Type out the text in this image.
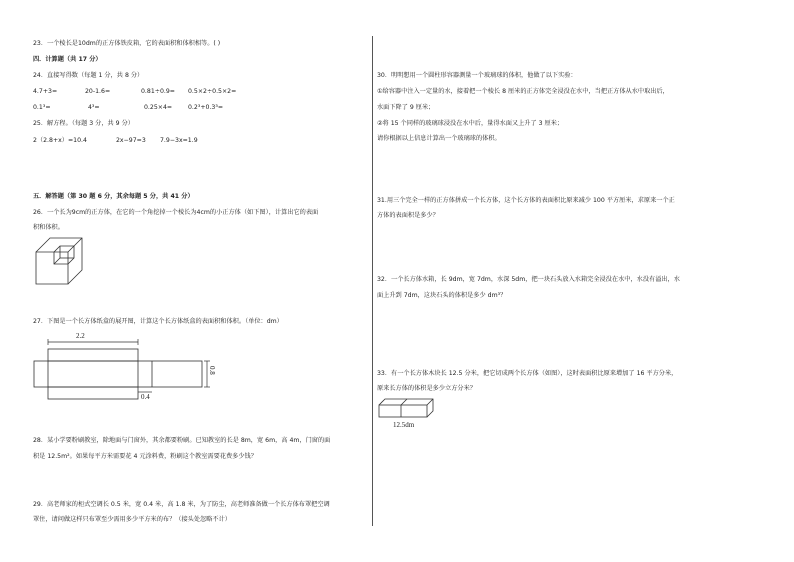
23．一个棱长是10dm的正方体铁皮箱，它的表面积和体积相等。( )
四．计算题（共 17 分）
24．直接写得数（每题 1 分，共 8 分）
4.7+3=	20-1.6=	0.81÷0.9= 0.5×2÷0.5×2=
0.1³=	4³=	0.25×4=	0.2³+0.3³=
25．解方程。（每题 3 分，共 9 分）
2（2.8+x）=10.4	2x−97=3 7.9−3x=1.9
五．解答题（第 30 题 6 分，其余每题 5 分，共 41 分）
26．一个长为9cm的正方体，在它的一个角挖掉一个棱长为4cm的小正方体（如下图），计算出它的表面
积和体积。
27．下图是一个长方体纸盒的展开图，计算这个长方体纸盒的表面积和体积。（单位：dm）
2.2
0.8
0.4
28．某小学要粉刷教室，除地面与门窗外，其余都要粉刷。已知教室的长是 8m，宽 6m，高 4m，门窗的面
积是 12.5m²。如果每平方米需要花 4 元涂料费，粉刷这个教室需要花费多少钱？
29．高老师家的柜式空调长 0.5 米，宽 0.4 米，高 1.8 米，为了防尘，高老师准备做一个长方体布罩把空调
罩住，请问做这样只布罩至少需用多少平方米的布？（接头处忽略不计）
30．明明想用一个圆柱形容器测量一个玻璃球的体积，他做了以下实验：
①给容器中注入一定量的水，接着把一个棱长 8 厘米的正方体完全浸没在水中，当把正方体从水中取出后，
水面下降了 9 厘米；
②将 15 个同样的玻璃球浸没在水中后，量得水面又上升了 3 厘米；
请你根据以上信息计算出一个玻璃球的体积。
31.用三个完全一样的正方体拼成一个长方体，这个长方体的表面积比原来减少 100 平方厘米，求原来一个正
方体的表面积是多少？
32．一个长方体水箱，长 9dm，宽 7dm，水深 5dm，把一块石头放入水箱完全浸没在水中，水没有溢出，水
面上升到 7dm，这块石头的体积是多少 dm³？
33．有一个长方体木块长 12.5 分米，把它切成两个长方体（如图），这时表面积比原来增加了 16 平方分米，
原来长方体的体积是多少立方分米？
12.5dm
